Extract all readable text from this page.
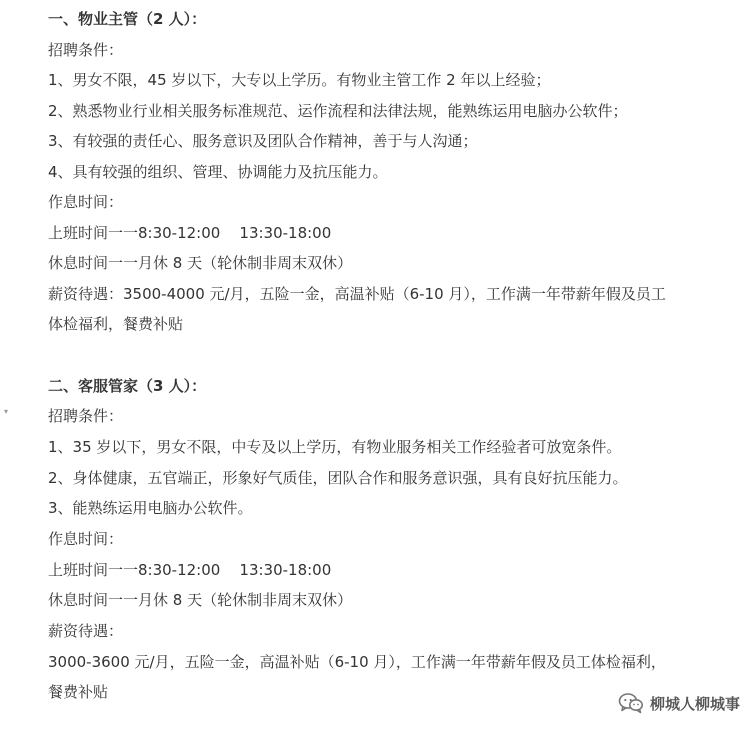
一、物业主管（2 人）：
招聘条件：
1、男女不限，45 岁以下，大专以上学历。有物业主管工作 2 年以上经验；
2、熟悉物业行业相关服务标准规范、运作流程和法律法规，能熟练运用电脑办公软件；
3、有较强的责任心、服务意识及团队合作精神，善于与人沟通；
4、具有较强的组织、管理、协调能力及抗压能力。
作息时间：
上班时间一一8:30-12:00    13:30-18:00
休息时间一一月休 8 天（轮休制非周末双休）
薪资待遇：3500-4000 元/月，五险一金，高温补贴（6-10 月），工作满一年带薪年假及员工
体检福利，餐费补贴
二、客服管家（3 人）：
招聘条件：
1、35 岁以下，男女不限，中专及以上学历，有物业服务相关工作经验者可放宽条件。
2、身体健康，五官端正，形象好气质佳，团队合作和服务意识强，具有良好抗压能力。
3、能熟练运用电脑办公软件。
作息时间：
上班时间一一8:30-12:00    13:30-18:00
休息时间一一月休 8 天（轮休制非周末双休）
薪资待遇：
3000-3600 元/月，五险一金，高温补贴（6-10 月），工作满一年带薪年假及员工体检福利，
餐费补贴
▾
柳城人柳城事
